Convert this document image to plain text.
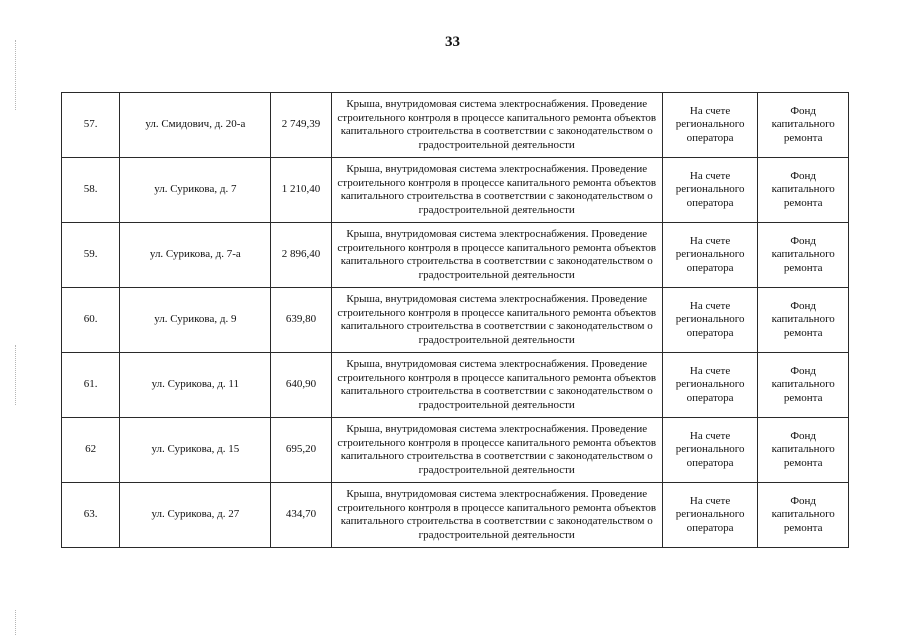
33
57.	ул. Смидович, д. 20-а	2 749,39	Крыша, внутридомовая система электроснабжения. Проведение строительного контроля в процессе капитального ремонта объектов капитального строительства в соответствии с законодательством о градостроительной деятельности	На счете регионального оператора	Фонд капитального ремонта
58.	ул. Сурикова, д. 7	1 210,40	Крыша, внутридомовая система электроснабжения. Проведение строительного контроля в процессе капитального ремонта объектов капитального строительства в соответствии с законодательством о градостроительной деятельности	На счете регионального оператора	Фонд капитального ремонта
59.	ул. Сурикова, д. 7-а	2 896,40	Крыша, внутридомовая система электроснабжения. Проведение строительного контроля в процессе капитального ремонта объектов капитального строительства в соответствии с законодательством о градостроительной деятельности	На счете регионального оператора	Фонд капитального ремонта
60.	ул. Сурикова, д. 9	639,80	Крыша, внутридомовая система электроснабжения. Проведение строительного контроля в процессе капитального ремонта объектов капитального строительства в соответствии с законодательством о градостроительной деятельности	На счете регионального оператора	Фонд капитального ремонта
61.	ул. Сурикова, д. 11	640,90	Крыша, внутридомовая система электроснабжения. Проведение строительного контроля в процессе капитального ремонта объектов капитального строительства в соответствии с законодательством о градостроительной деятельности	На счете регионального оператора	Фонд капитального ремонта
62	ул. Сурикова, д. 15	695,20	Крыша, внутридомовая система электроснабжения. Проведение строительного контроля в процессе капитального ремонта объектов капитального строительства в соответствии с законодательством о градостроительной деятельности	На счете регионального оператора	Фонд капитального ремонта
63.	ул. Сурикова, д. 27	434,70	Крыша, внутридомовая система электроснабжения. Проведение строительного контроля в процессе капитального ремонта объектов капитального строительства в соответствии с законодательством о градостроительной деятельности	На счете регионального оператора	Фонд капитального ремонта
